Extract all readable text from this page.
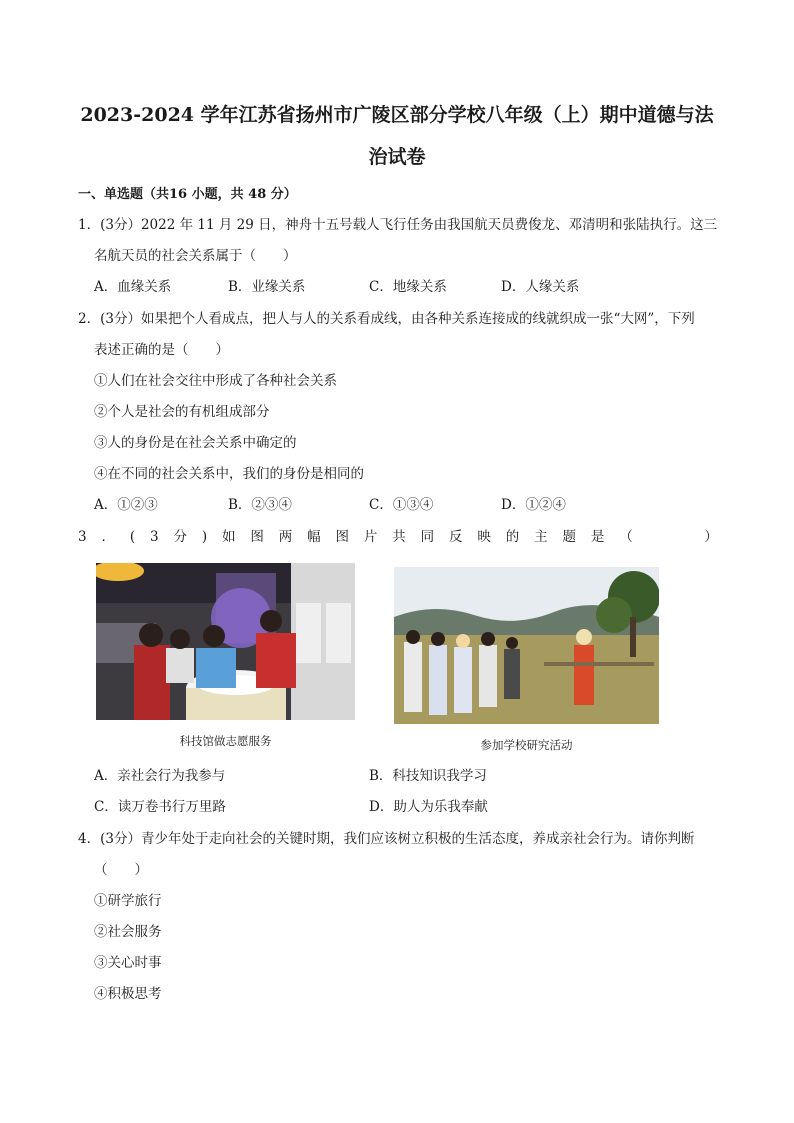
2023-2024 学年江苏省扬州市广陵区部分学校八年级（上）期中道德与法
治试卷
一、单选题（共16 小题，共 48 分）
1．(3分）2022 年 11 月 29 日，神舟十五号载人飞行任务由我国航天员费俊龙、邓清明和张陆执行。这三
名航天员的社会关系属于（　　）
A．血缘关系	B．业缘关系	C．地缘关系	D．人缘关系
2．(3分）如果把个人看成点，把人与人的关系看成线，由各种关系连接成的线就织成一张“大网”，下列
表述正确的是（　　）
①人们在社会交往中形成了各种社会关系
②个人是社会的有机组成部分
③人的身份是在社会关系中确定的
④在不同的社会关系中，我们的身份是相同的
A．①②③	B．②③④	C．①③④	D．①②④
3 ． ( 3 分 ) 如 图 两 幅 图 片 共 同 反 映 的 主 题 是 （

　	）
科技馆做志愿服务	参加学校研究活动
A．亲社会行为我参与	B．科技知识我学习
C．读万卷书行万里路	D．助人为乐我奉献
4．(3分）青少年处于走向社会的关键时期，我们应该树立积极的生活态度，养成亲社会行为。请你判断
（　　）
①研学旅行
②社会服务
③关心时事
④积极思考
